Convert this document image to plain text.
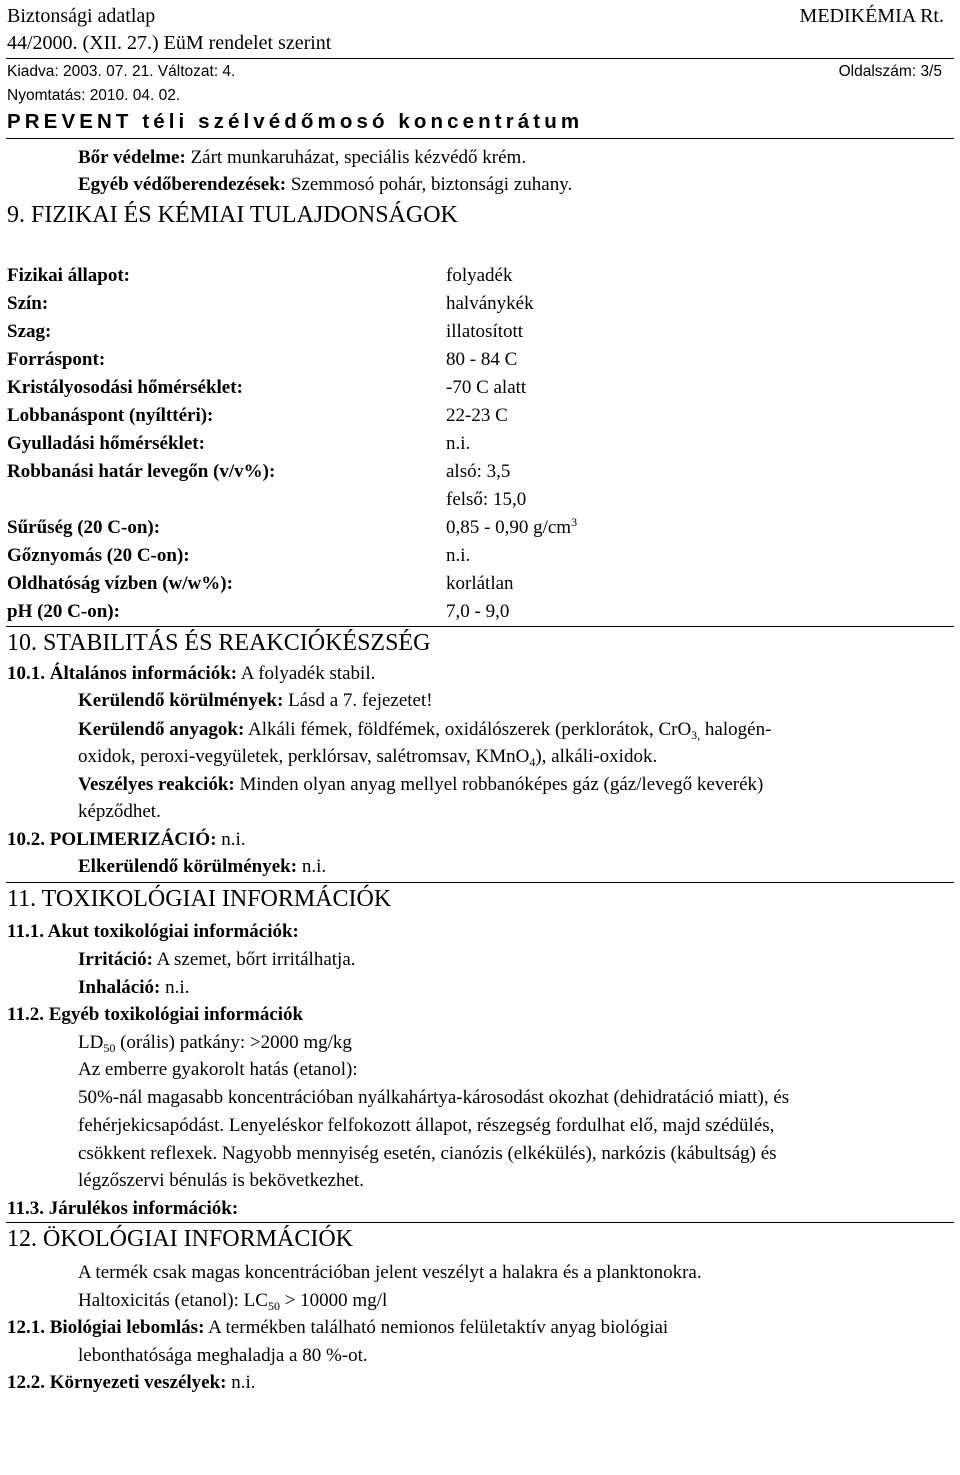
Biztonsági adatlap	MEDIKÉMIA Rt.
44/2000. (XII. 27.) EüM rendelet szerint
Kiadva: 2003. 07. 21. Változat: 4.	Oldalszám: 3/5
Nyomtatás: 2010. 04. 02.
PREVENT téli szélvédőmosó koncentrátum
Bőr védelme: Zárt munkaruházat, speciális kézvédő krém.
Egyéb védőberendezések: Szemmosó pohár, biztonsági zuhany.
9. FIZIKAI ÉS KÉMIAI TULAJDONSÁGOK
Fizikai állapot:	folyadék
Szín:	halványkék
Szag:	illatosított
Forráspont:	80 - 84 C
Kristályosodási hőmérséklet:	-70 C alatt
Lobbanáspont (nyílttéri):	22-23 C
Gyulladási hőmérséklet:	n.i.
Robbanási határ levegőn (v/v%):	alsó: 3,5
felső: 15,0
Sűrűség (20 C-on):	0,85 - 0,90 $g/cm^3$
Gőznyomás (20 C-on):	n.i.
Oldhatóság vízben (w/w%):	korlátlan
pH (20 C-on):	7,0 - 9,0
10. STABILITÁS ÉS REAKCIÓKÉSZSÉG
10.1. Általános információk: A folyadék stabil.
Kerülendő körülmények: Lásd a 7. fejezetet!
Kerülendő anyagok: Alkáli fémek, földfémek, oxidálószerek (perklorátok, CrO$_{3,}$ halogén-
oxidok, peroxi-vegyületek, perklórsav, salétromsav, KMnO$_4$), alkáli-oxidok.
Veszélyes reakciók: Minden olyan anyag mellyel robbanóképes gáz (gáz/levegő keverék)
képződhet.
10.2. POLIMERIZÁCIÓ: n.i.
Elkerülendő körülmények: n.i.
11. TOXIKOLÓGIAI INFORMÁCIÓK
11.1. Akut toxikológiai információk:
Irritáció: A szemet, bőrt irritálhatja.
Inhaláció: n.i.
11.2. Egyéb toxikológiai információk
$LD_{50}$ (orális) patkány: >2000 mg/kg
Az emberre gyakorolt hatás (etanol):
50%-nál magasabb koncentrációban nyálkahártya-károsodást okozhat (dehidratáció miatt), és
fehérjekicsapódást. Lenyeléskor felfokozott állapot, részegség fordulhat elő, majd szédülés,
csökkent reflexek. Nagyobb mennyiség esetén, cianózis (elkékülés), narkózis (kábultság) és
légzőszervi bénulás is bekövetkezhet.
11.3. Járulékos információk:
12. ÖKOLÓGIAI INFORMÁCIÓK
A termék csak magas koncentrációban jelent veszélyt a halakra és a planktonokra.
Haltoxicitás (etanol): $LC_{50} > 10000$ mg/l
12.1. Biológiai lebomlás: A termékben található nemionos felületaktív anyag biológiai
lebonthatósága meghaladja a 80 %-ot.
12.2. Környezeti veszélyek: n.i.
